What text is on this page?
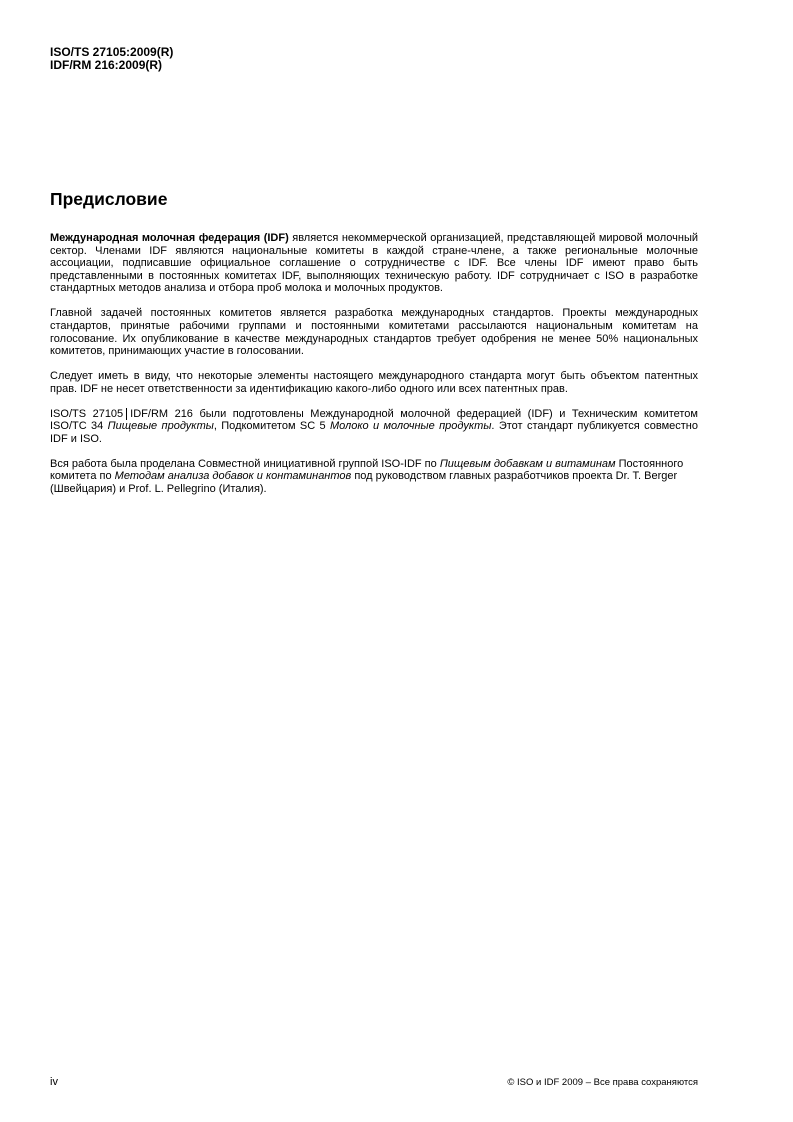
ISO/TS 27105:2009(R)
IDF/RM 216:2009(R)
Предисловие

Международная молочная федерация (IDF) является некоммерческой организацией, представляющей мировой молочный сектор. Членами IDF являются национальные комитеты в каждой стране-члене, а также региональные молочные ассоциации, подписавшие официальное соглашение о сотрудничестве с IDF. Все члены IDF имеют право быть представленными в постоянных комитетах IDF, выполняющих техническую работу. IDF сотрудничает с ISO в разработке стандартных методов анализа и отбора проб молока и молочных продуктов.

Главной задачей постоянных комитетов является разработка международных стандартов. Проекты международных стандартов, принятые рабочими группами и постоянными комитетами рассылаются национальным комитетам на голосование. Их опубликование в качестве международных стандартов требует одобрения не менее 50% национальных комитетов, принимающих участие в голосовании.

Следует иметь в виду, что некоторые элементы настоящего международного стандарта могут быть объектом патентных прав. IDF не несет ответственности за идентификацию какого-либо одного или всех патентных прав.

ISO/TS 27105 IDF/RM 216 были подготовлены Международной молочной федерацией (IDF) и Техническим комитетом ISO/TC 34 Пищевые продукты, Подкомитетом SC 5 Молоко и молочные продукты. Этот стандарт публикуется совместно IDF и ISO.

Вся работа была проделана Совместной инициативной группой ISO-IDF по Пищевым добавкам и витаминам Постоянного комитета по Методам анализа добавок и контаминантов под руководством главных разработчиков проекта Dr. T. Berger (Швейцария) и Prof. L. Pellegrino (Италия).

iv	© ISO и IDF 2009 – Все права сохраняются
